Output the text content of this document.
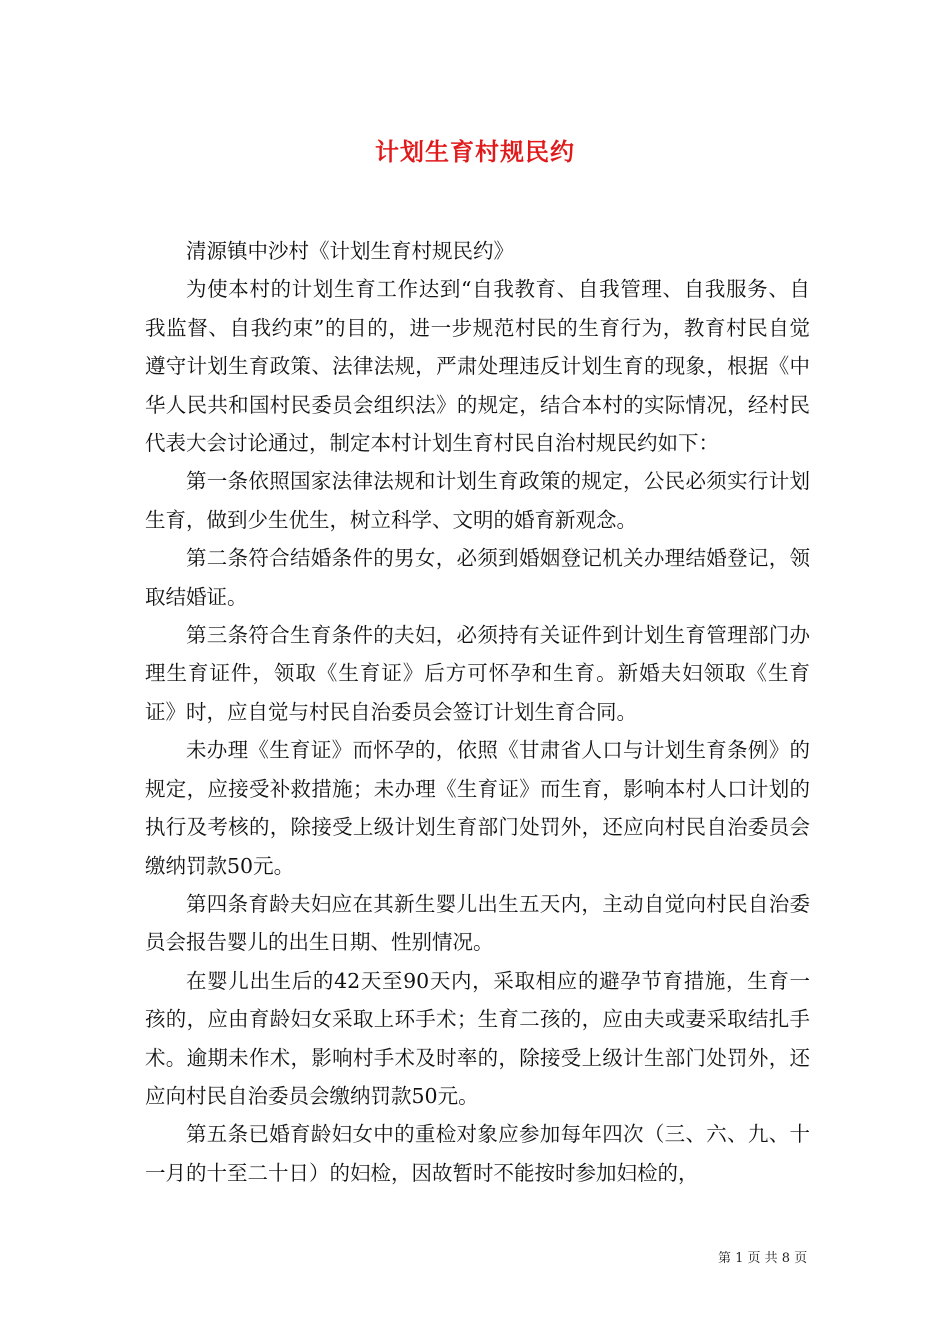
计划生育村规民约

清源镇中沙村《计划生育村规民约》

为使本村的计划生育工作达到“自我教育、自我管理、自我服务、自我监督、自我约束”的目的，进一步规范村民的生育行为，教育村民自觉遵守计划生育政策、法律法规，严肃处理违反计划生育的现象，根据《中华人民共和国村民委员会组织法》的规定，结合本村的实际情况，经村民代表大会讨论通过，制定本村计划生育村民自治村规民约如下：

第一条依照国家法律法规和计划生育政策的规定，公民必须实行计划生育，做到少生优生，树立科学、文明的婚育新观念。

第二条符合结婚条件的男女，必须到婚姻登记机关办理结婚登记，领取结婚证。

第三条符合生育条件的夫妇，必须持有关证件到计划生育管理部门办理生育证件，领取《生育证》后方可怀孕和生育。新婚夫妇领取《生育证》时，应自觉与村民自治委员会签订计划生育合同。

未办理《生育证》而怀孕的，依照《甘肃省人口与计划生育条例》的规定，应接受补救措施；未办理《生育证》而生育，影响本村人口计划的执行及考核的，除接受上级计划生育部门处罚外，还应向村民自治委员会缴纳罚款50元。

第四条育龄夫妇应在其新生婴儿出生五天内，主动自觉向村民自治委员会报告婴儿的出生日期、性别情况。

在婴儿出生后的42天至90天内，采取相应的避孕节育措施，生育一孩的，应由育龄妇女采取上环手术；生育二孩的，应由夫或妻采取结扎手术。逾期未作术，影响村手术及时率的，除接受上级计生部门处罚外，还应向村民自治委员会缴纳罚款50元。

第五条已婚育龄妇女中的重检对象应参加每年四次（三、六、九、十一月的十至二十日）的妇检，因故暂时不能按时参加妇检的，

第 1 页 共 8 页
